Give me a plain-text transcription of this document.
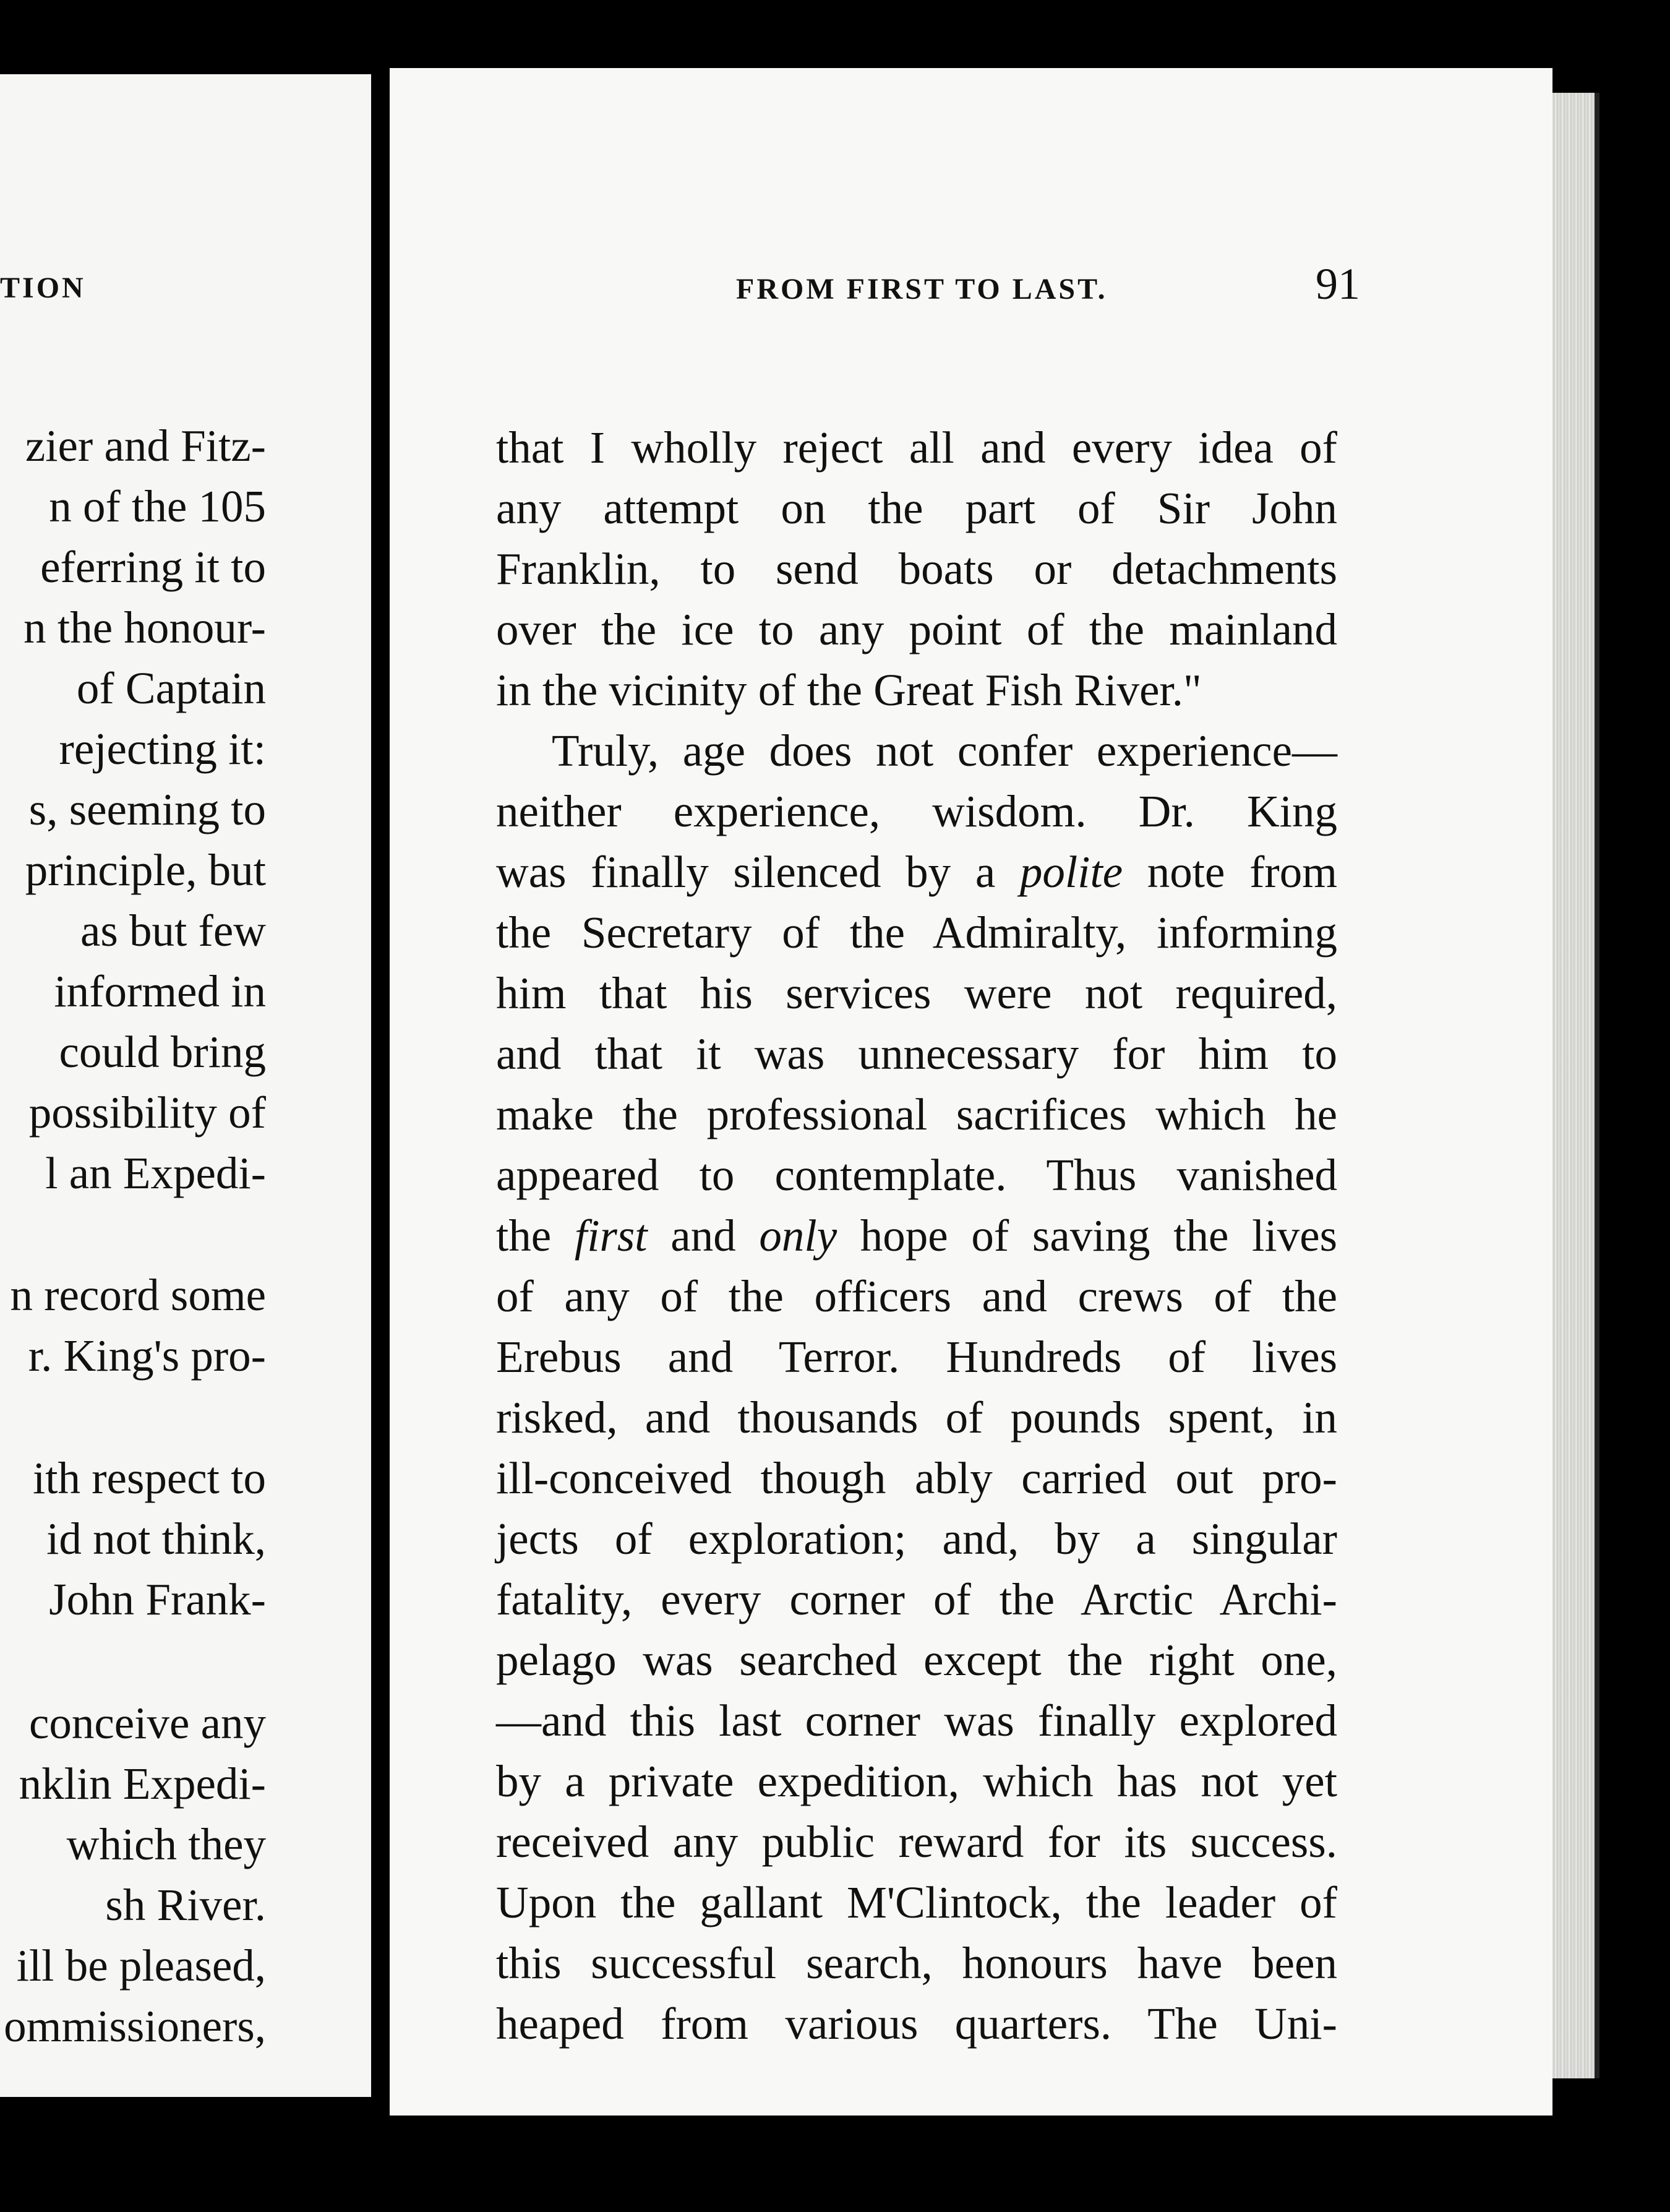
TION
zier and Fitz-
n of the 105
eferring it to
n the honour-
of Captain
rejecting it:
s, seeming to
principle, but
as but few
informed in
could bring
possibility of
l an Expedi-
n record some
r. King's pro-
ith respect to
id not think,
John Frank-
conceive any
nklin Expedi-
which they
sh River.
ill be pleased,
ommissioners,
FROM FIRST TO LAST.	91
that I wholly reject all and every idea of
any attempt on the part of Sir John
Franklin, to send boats or detachments
over the ice to any point of the mainland
in the vicinity of the Great Fish River."
Truly, age does not confer experience—
neither experience, wisdom. Dr. King
was finally silenced by a polite note from
the Secretary of the Admiralty, informing
him that his services were not required,
and that it was unnecessary for him to
make the professional sacrifices which he
appeared to contemplate. Thus vanished
the first and only hope of saving the lives
of any of the officers and crews of the
Erebus and Terror. Hundreds of lives
risked, and thousands of pounds spent, in
ill-conceived though ably carried out pro-
jects of exploration; and, by a singular
fatality, every corner of the Arctic Archi-
pelago was searched except the right one,
—and this last corner was finally explored
by a private expedition, which has not yet
received any public reward for its success.
Upon the gallant M'Clintock, the leader of
this successful search, honours have been
heaped from various quarters. The Uni-
